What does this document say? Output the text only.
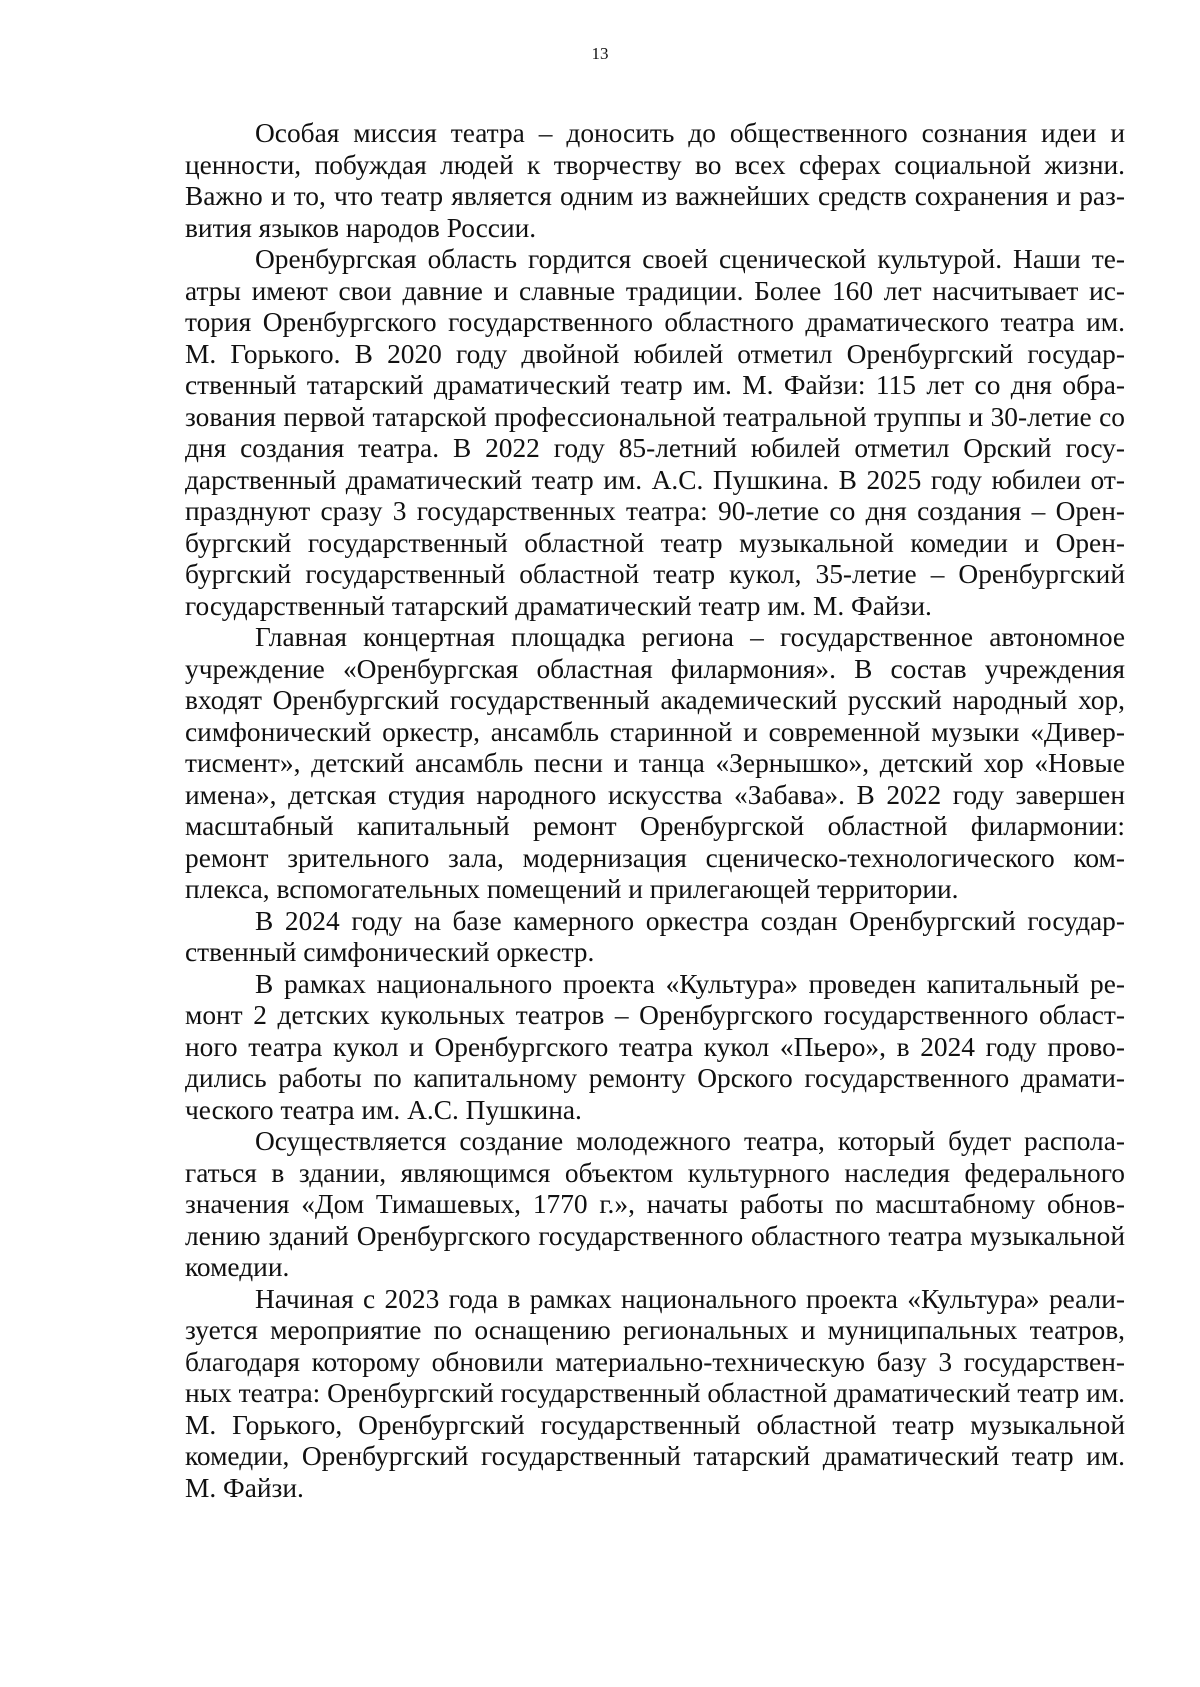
13

Особая миссия театра – доносить до общественного сознания идеи и ценности, побуждая людей к творчеству во всех сферах социальной жизни. Важно и то, что театр является одним из важнейших средств сохранения и развития языков народов России.

Оренбургская область гордится своей сценической культурой. Наши театры имеют свои давние и славные традиции. Более 160 лет насчитывает история Оренбургского государственного областного драматического театра им. М. Горького. В 2020 году двойной юбилей отметил Оренбургский государственный татарский драматический театр им. М. Файзи: 115 лет со дня образования первой татарской профессиональной театральной труппы и 30-летие со дня создания театра. В 2022 году 85-летний юбилей отметил Орский государственный драматический театр им. А.С. Пушкина. В 2025 году юбилеи отпразднуют сразу 3 государственных театра: 90-летие со дня создания – Оренбургский государственный областной театр музыкальной комедии и Оренбургский государственный областной театр кукол, 35-летие – Оренбургский государственный татарский драматический театр им. М. Файзи.

Главная концертная площадка региона – государственное автономное учреждение «Оренбургская областная филармония». В состав учреждения входят Оренбургский государственный академический русский народный хор, симфонический оркестр, ансамбль старинной и современной музыки «Дивертисмент», детский ансамбль песни и танца «Зернышко», детский хор «Новые имена», детская студия народного искусства «Забава». В 2022 году завершен масштабный капитальный ремонт Оренбургской областной филармонии: ремонт зрительного зала, модернизация сценическо-технологического комплекса, вспомогательных помещений и прилегающей территории.

В 2024 году на базе камерного оркестра создан Оренбургский государственный симфонический оркестр.

В рамках национального проекта «Культура» проведен капитальный ремонт 2 детских кукольных театров – Оренбургского государственного областного театра кукол и Оренбургского театра кукол «Пьеро», в 2024 году проводились работы по капитальному ремонту Орского государственного драматического театра им. А.С. Пушкина.

Осуществляется создание молодежного театра, который будет располагаться в здании, являющимся объектом культурного наследия федерального значения «Дом Тимашевых, 1770 г.», начаты работы по масштабному обновлению зданий Оренбургского государственного областного театра музыкальной комедии.

Начиная с 2023 года в рамках национального проекта «Культура» реализуется мероприятие по оснащению региональных и муниципальных театров, благодаря которому обновили материально-техническую базу 3 государственных театра: Оренбургский государственный областной драматический театр им. М. Горького, Оренбургский государственный областной театр музыкальной комедии, Оренбургский государственный татарский драматический театр им. М. Файзи.
